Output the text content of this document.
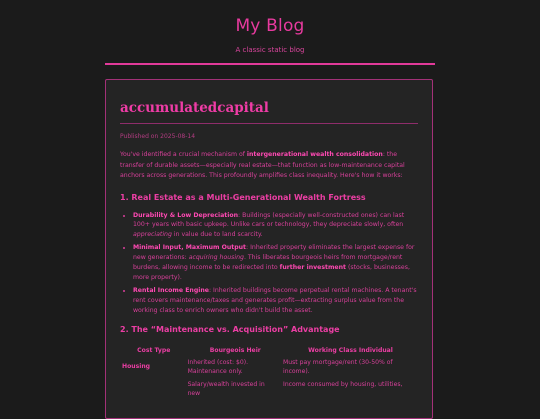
My Blog
A classic static blog
accumulatedcapital
Published on 2025-08-14

You've identified a crucial mechanism of intergenerational wealth consolidation: the transfer of durable assets—especially real estate—that function as low-maintenance capital anchors across generations. This profoundly amplifies class inequality. Here's how it works:

1. Real Estate as a Multi-Generational Wealth Fortress
• Durability & Low Depreciation: Buildings (especially well-constructed ones) can last 100+ years with basic upkeep. Unlike cars or technology, they depreciate slowly, often appreciating in value due to land scarcity.
• Minimal Input, Maximum Output: Inherited property eliminates the largest expense for new generations: acquiring housing. This liberates bourgeois heirs from mortgage/rent burdens, allowing income to be redirected into further investment (stocks, businesses, more property).
• Rental Income Engine: Inherited buildings become perpetual rental machines. A tenant's rent covers maintenance/taxes and generates profit—extracting surplus value from the working class to enrich owners who didn't build the asset.
2. The “Maintenance vs. Acquisition” Advantage
Cost Type	Bourgeois Heir	Working Class Individual
Housing	Inherited (cost: $0). Maintenance only.	Must pay mortgage/rent (30-50% of income).
	Salary/wealth invested in new	Income consumed by housing, utilities,
